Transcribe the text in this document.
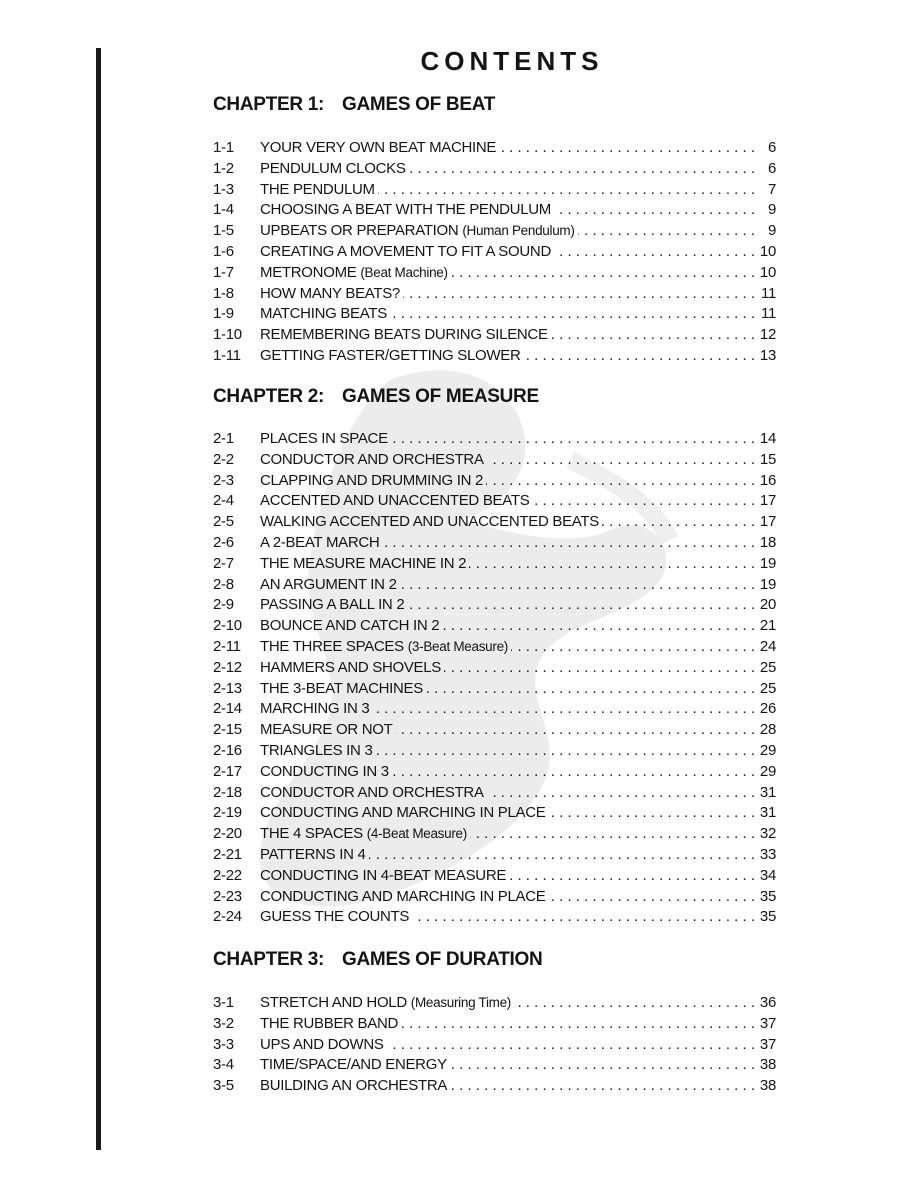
CONTENTS
CHAPTER 1: GAMES OF BEAT
1-1	YOUR VERY OWN BEAT MACHINE . . .	6
1-2	PENDULUM CLOCKS . . .	6
1-3	THE PENDULUM . . .	7
1-4	CHOOSING A BEAT WITH THE PENDULUM . . .	9
1-5	UPBEATS OR PREPARATION (Human Pendulum) . . .	9
1-6	CREATING A MOVEMENT TO FIT A SOUND . . .	10
1-7	METRONOME (Beat Machine) . . .	10
1-8	HOW MANY BEATS? . . .	11
1-9	MATCHING BEATS . . .	11
1-10	REMEMBERING BEATS DURING SILENCE . . .	12
1-11	GETTING FASTER/GETTING SLOWER . . .	13
CHAPTER 2: GAMES OF MEASURE
2-1	PLACES IN SPACE . . .	14
2-2	CONDUCTOR AND ORCHESTRA . . .	15
2-3	CLAPPING AND DRUMMING IN 2 . . .	16
2-4	ACCENTED AND UNACCENTED BEATS . . .	17
2-5	WALKING ACCENTED AND UNACCENTED BEATS . . .	17
2-6	A 2-BEAT MARCH . . .	18
2-7	THE MEASURE MACHINE IN 2 . . .	19
2-8	AN ARGUMENT IN 2 . . .	19
2-9	PASSING A BALL IN 2 . . .	20
2-10	BOUNCE AND CATCH IN 2 . . .	21
2-11	THE THREE SPACES (3-Beat Measure) . . .	24
2-12	HAMMERS AND SHOVELS . . .	25
2-13	THE 3-BEAT MACHINES . . .	25
2-14	MARCHING IN 3 . . .	26
2-15	MEASURE OR NOT . . .	28
2-16	TRIANGLES IN 3 . . .	29
2-17	CONDUCTING IN 3 . . .	29
2-18	CONDUCTOR AND ORCHESTRA . . .	31
2-19	CONDUCTING AND MARCHING IN PLACE . . .	31
2-20	THE 4 SPACES (4-Beat Measure) . . .	32
2-21	PATTERNS IN 4 . . .	33
2-22	CONDUCTING IN 4-BEAT MEASURE . . .	34
2-23	CONDUCTING AND MARCHING IN PLACE . . .	35
2-24	GUESS THE COUNTS . . .	35
CHAPTER 3: GAMES OF DURATION
3-1	STRETCH AND HOLD (Measuring Time) . . .	36
3-2	THE RUBBER BAND . . .	37
3-3	UPS AND DOWNS . . .	37
3-4	TIME/SPACE/AND ENERGY . . .	38
3-5	BUILDING AN ORCHESTRA . . .	38
